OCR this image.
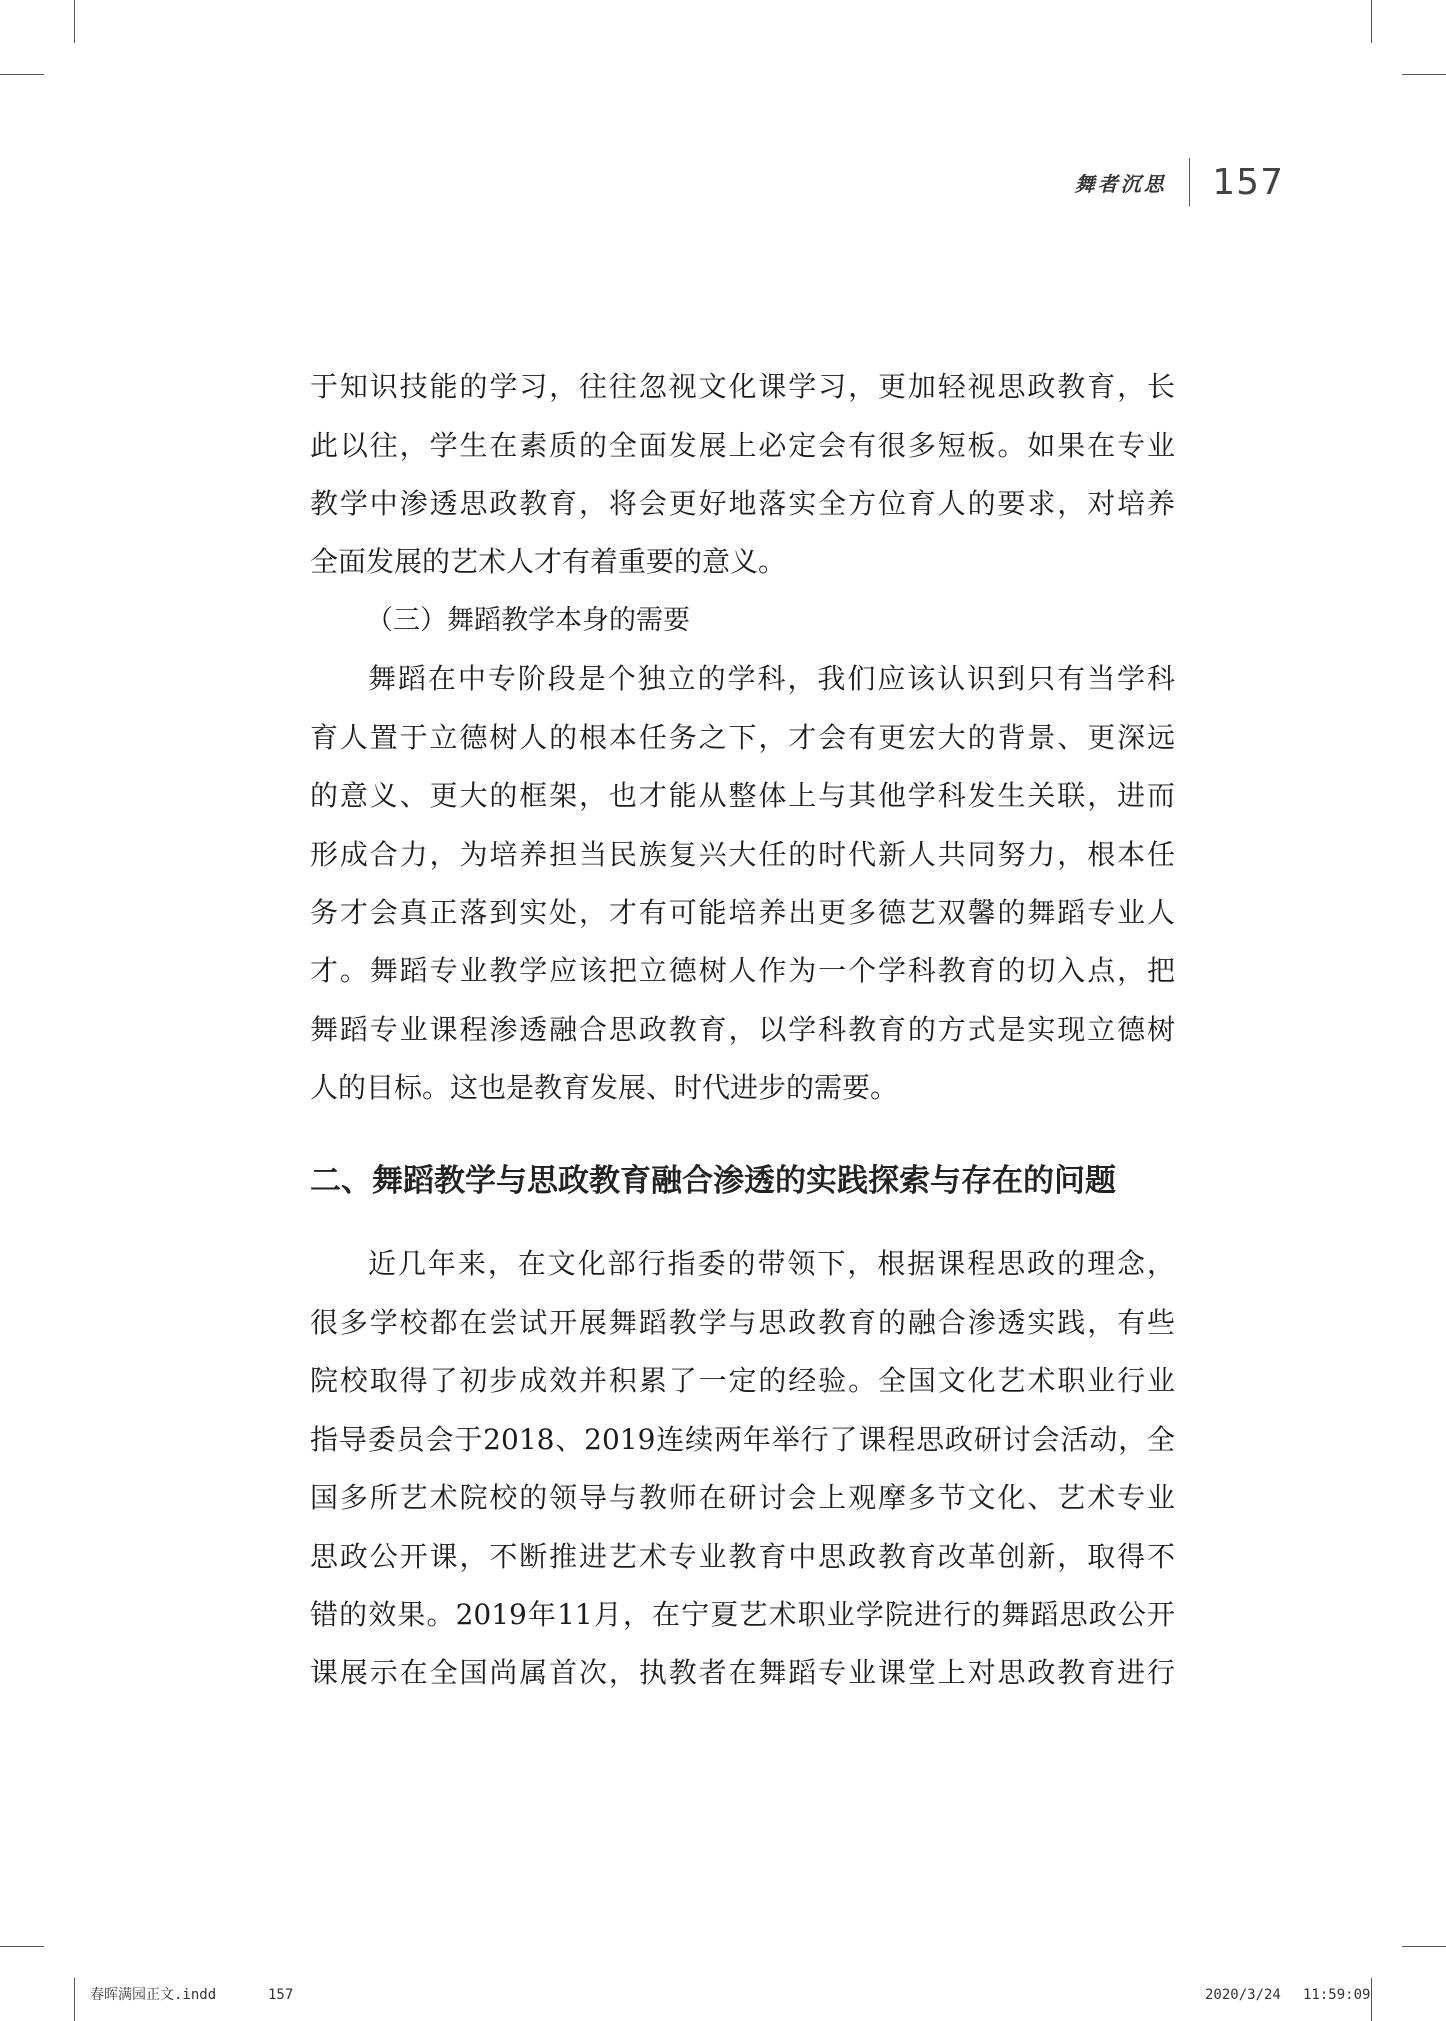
舞者沉思 157
于知识技能的学习，往往忽视文化课学习，更加轻视思政教育，长
此以往，学生在素质的全面发展上必定会有很多短板。如果在专业
教学中渗透思政教育，将会更好地落实全方位育人的要求，对培养
全面发展的艺术人才有着重要的意义。
（三）舞蹈教学本身的需要
舞蹈在中专阶段是个独立的学科，我们应该认识到只有当学科
育人置于立德树人的根本任务之下，才会有更宏大的背景、更深远
的意义、更大的框架，也才能从整体上与其他学科发生关联，进而
形成合力，为培养担当民族复兴大任的时代新人共同努力，根本任
务才会真正落到实处，才有可能培养出更多德艺双馨的舞蹈专业人
才。舞蹈专业教学应该把立德树人作为一个学科教育的切入点，把
舞蹈专业课程渗透融合思政教育，以学科教育的方式是实现立德树
人的目标。这也是教育发展、时代进步的需要。
二、舞蹈教学与思政教育融合渗透的实践探索与存在的问题
近几年来，在文化部行指委的带领下，根据课程思政的理念，
很多学校都在尝试开展舞蹈教学与思政教育的融合渗透实践，有些
院校取得了初步成效并积累了一定的经验。全国文化艺术职业行业
指导委员会于2018、2019连续两年举行了课程思政研讨会活动，全
国多所艺术院校的领导与教师在研讨会上观摩多节文化、艺术专业
思政公开课，不断推进艺术专业教育中思政教育改革创新，取得不
错的效果。2019年11月，在宁夏艺术职业学院进行的舞蹈思政公开
课展示在全国尚属首次，执教者在舞蹈专业课堂上对思政教育进行
春晖满园正文.indd	157	2020/3/24 11:59:09
